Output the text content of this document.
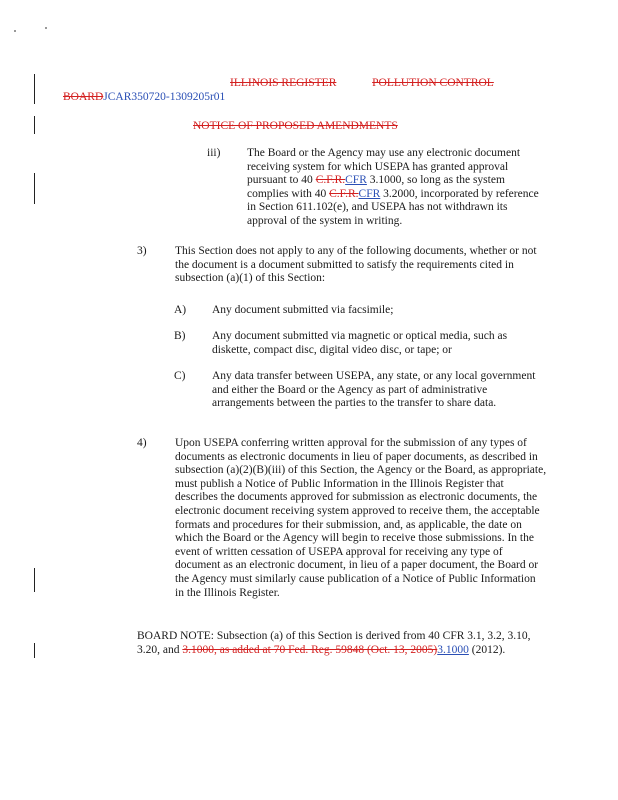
ILLINOIS REGISTER	POLLUTION CONTROL
BOARDJCAR350720-1309205r01
NOTICE OF PROPOSED AMENDMENTS
iii) The Board or the Agency may use any electronic document receiving system for which USEPA has granted approval pursuant to 40 C.F.R.CFR 3.1000, so long as the system complies with 40 C.F.R.CFR 3.2000, incorporated by reference in Section 611.102(e), and USEPA has not withdrawn its approval of the system in writing.

3) This Section does not apply to any of the following documents, whether or not the document is a document submitted to satisfy the requirements cited in subsection (a)(1) of this Section:

A) Any document submitted via facsimile;

B) Any document submitted via magnetic or optical media, such as diskette, compact disc, digital video disc, or tape; or

C) Any data transfer between USEPA, any state, or any local government and either the Board or the Agency as part of administrative arrangements between the parties to the transfer to share data.

4) Upon USEPA conferring written approval for the submission of any types of documents as electronic documents in lieu of paper documents, as described in subsection (a)(2)(B)(iii) of this Section, the Agency or the Board, as appropriate, must publish a Notice of Public Information in the Illinois Register that describes the documents approved for submission as electronic documents, the electronic document receiving system approved to receive them, the acceptable formats and procedures for their submission, and, as applicable, the date on which the Board or the Agency will begin to receive those submissions. In the event of written cessation of USEPA approval for receiving any type of document as an electronic document, in lieu of a paper document, the Board or the Agency must similarly cause publication of a Notice of Public Information in the Illinois Register.

BOARD NOTE: Subsection (a) of this Section is derived from 40 CFR 3.1, 3.2, 3.10, 3.20, and 3.1000, as added at 70 Fed. Reg. 59848 (Oct. 13, 2005)3.1000 (2012).
